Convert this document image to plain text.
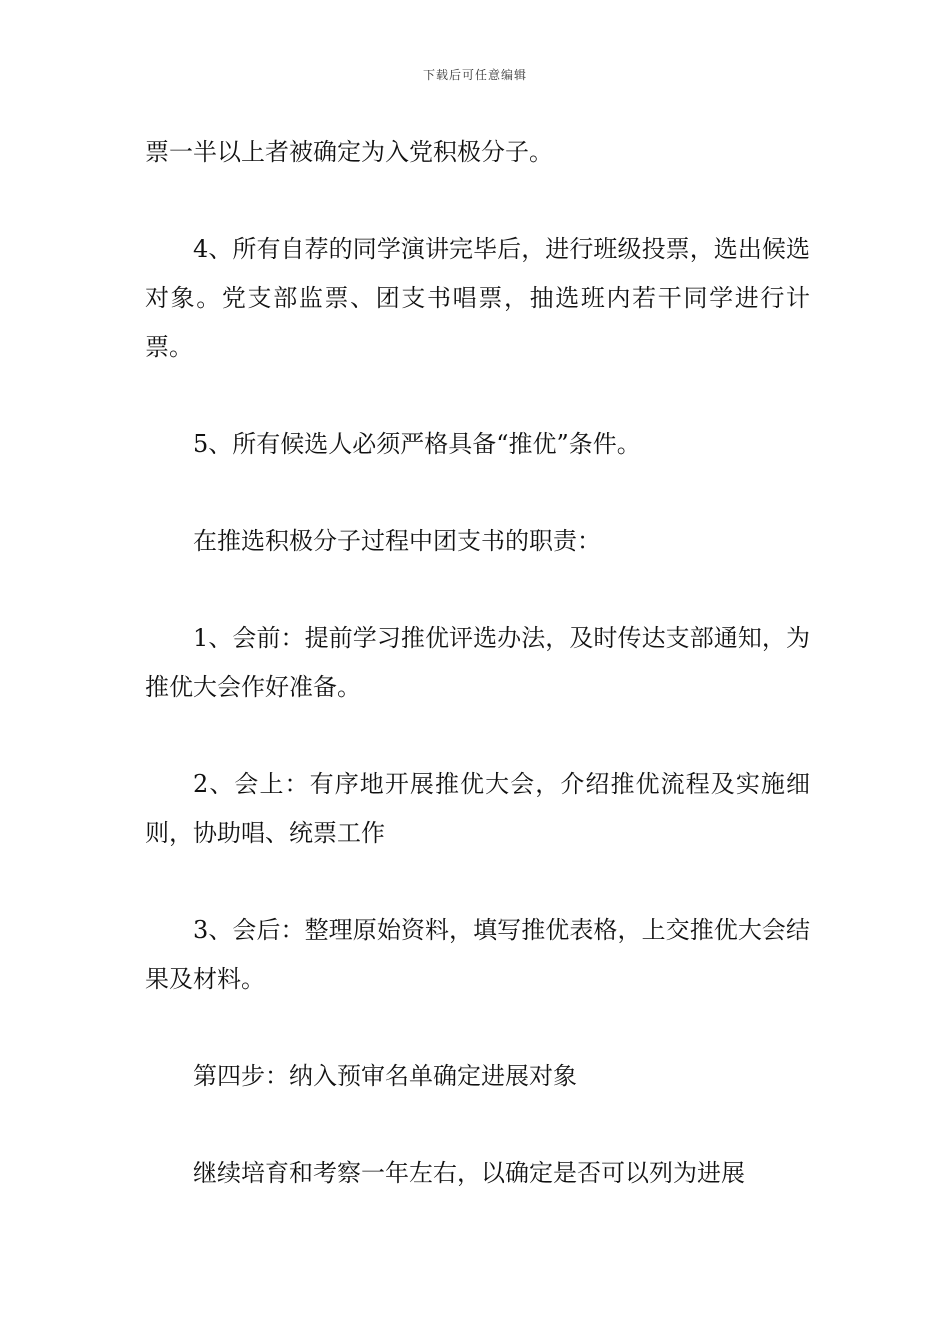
下载后可任意编辑

票一半以上者被确定为入党积极分子。

4、所有自荐的同学演讲完毕后，进行班级投票，选出候选对象。党支部监票、团支书唱票，抽选班内若干同学进行计票。

5、所有候选人必须严格具备“推优”条件。

在推选积极分子过程中团支书的职责：

1、会前：提前学习推优评选办法，及时传达支部通知，为推优大会作好准备。

2、会上：有序地开展推优大会，介绍推优流程及实施细则，协助唱、统票工作

3、会后：整理原始资料，填写推优表格，上交推优大会结果及材料。

第四步：纳入预审名单确定进展对象

继续培育和考察一年左右，以确定是否可以列为进展
